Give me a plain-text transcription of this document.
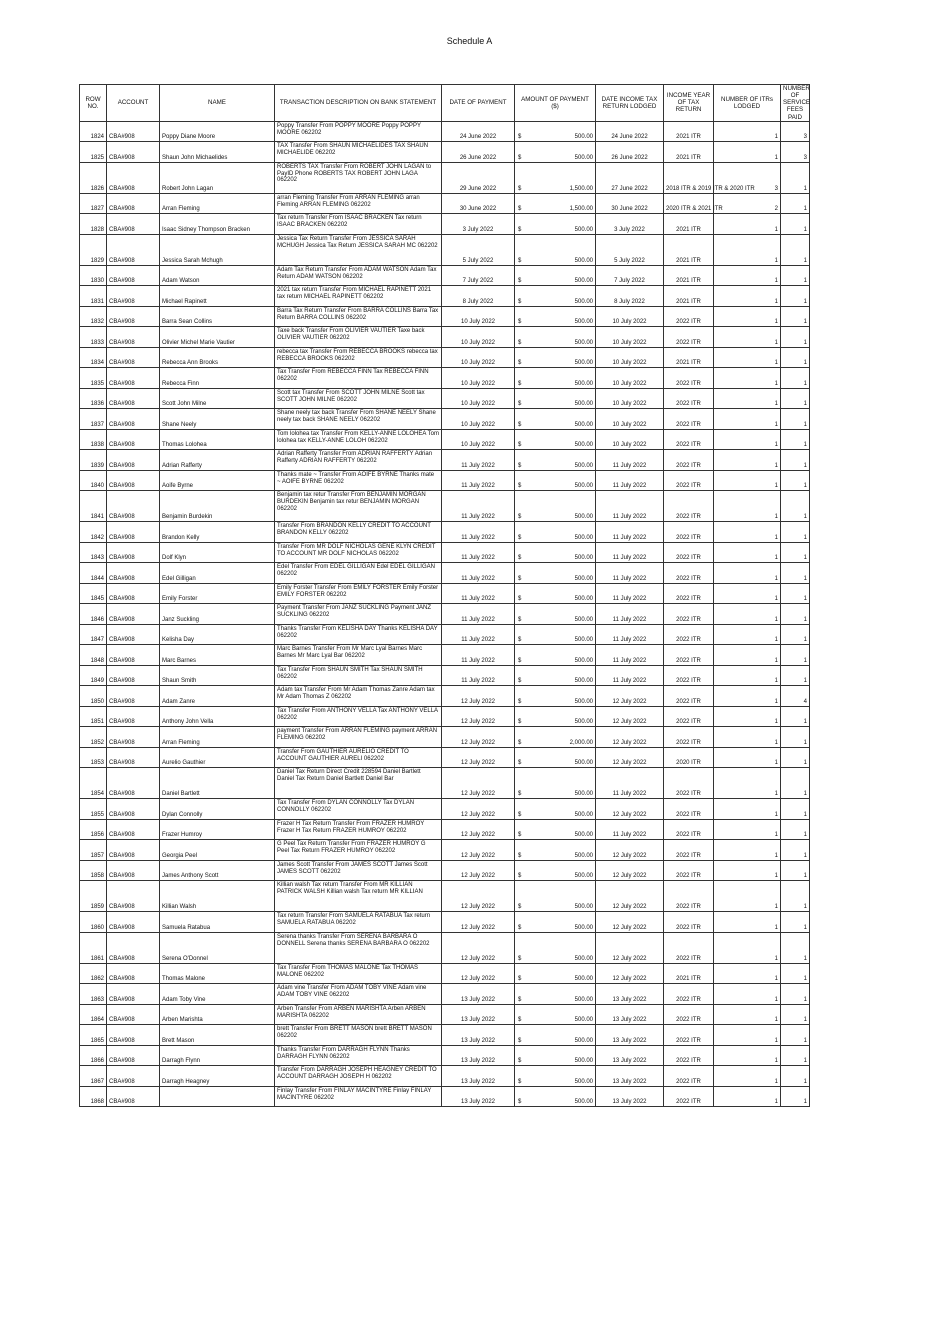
Schedule A
ROW NO.	ACCOUNT	NAME	TRANSACTION DESCRIPTION ON BANK STATEMENT	DATE OF PAYMENT	AMOUNT OF PAYMENT ($)	DATE INCOME TAX RETURN LODGED	INCOME YEAR OF TAX RETURN	NUMBER OF ITRs LODGED	NUMBER OF SERVICE FEES PAID
1824	CBA#908	Poppy Diane Moore	Poppy Transfer From POPPY MOORE Poppy POPPY MOORE 062202	24 June 2022	$ 500.00	24 June 2022	2021 ITR	1	3
1825	CBA#908	Shaun John Michaelides	TAX Transfer From SHAUN MICHAELIDES TAX SHAUN MICHAELIDE 062202	26 June 2022	$ 500.00	26 June 2022	2021 ITR	1	3
1826	CBA#908	Robert John Lagan	ROBERTS TAX Transfer From ROBERT JOHN LAGAN to PayID Phone ROBERTS TAX ROBERT JOHN LAGA 062202	29 June 2022	$ 1,500.00	27 June 2022	2018 ITR & 2019 ITR & 2020 ITR	3	1
1827	CBA#908	Arran Fleming	arran Fleming Transfer From ARRAN FLEMING arran Fleming ARRAN FLEMING 062202	30 June 2022	$ 1,500.00	30 June 2022	2020 ITR & 2021 ITR	2	1
1828	CBA#908	Isaac Sidney Thompson Bracken	Tax return Transfer From ISAAC BRACKEN Tax return ISAAC BRACKEN 062202	3 July 2022	$ 500.00	3 July 2022	2021 ITR	1	1
1829	CBA#908	Jessica Sarah Mchugh	Jessica Tax Return Transfer From JESSICA SARAH MCHUGH Jessica Tax Return JESSICA SARAH MC 062202	5 July 2022	$ 500.00	5 July 2022	2021 ITR	1	1
1830	CBA#908	Adam Watson	Adam Tax Return Transfer From ADAM WATSON Adam Tax Return ADAM WATSON 062202	7 July 2022	$ 500.00	7 July 2022	2021 ITR	1	1
1831	CBA#908	Michael Rapinett	2021 tax return Transfer From MICHAEL RAPINETT 2021 tax return MICHAEL RAPINETT 062202	8 July 2022	$ 500.00	8 July 2022	2021 ITR	1	1
1832	CBA#908	Barra Sean Collins	Barra Tax Return Transfer From BARRA COLLINS Barra Tax Return BARRA COLLINS 062202	10 July 2022	$ 500.00	10 July 2022	2022 ITR	1	1
1833	CBA#908	Olivier Michel Marie Vautier	Taxe back Transfer From OLIVIER VAUTIER Taxe back OLIVIER VAUTIER 062202	10 July 2022	$ 500.00	10 July 2022	2022 ITR	1	1
1834	CBA#908	Rebecca Ann Brooks	rebecca tax Transfer From REBECCA BROOKS rebecca tax REBECCA BROOKS 062202	10 July 2022	$ 500.00	10 July 2022	2021 ITR	1	1
1835	CBA#908	Rebecca Finn	Tax Transfer From REBECCA FINN Tax REBECCA FINN 062202	10 July 2022	$ 500.00	10 July 2022	2022 ITR	1	1
1836	CBA#908	Scott John Milne	Scott tax Transfer From SCOTT JOHN MILNE Scott tax SCOTT JOHN MILNE 062202	10 July 2022	$ 500.00	10 July 2022	2022 ITR	1	1
1837	CBA#908	Shane Neely	Shane neely tax back Transfer From SHANE NEELY Shane neely tax back SHANE NEELY 062202	10 July 2022	$ 500.00	10 July 2022	2022 ITR	1	1
1838	CBA#908	Thomas Lolohea	Tom lolohea tax Transfer From KELLY-ANNE LOLOHEA Tom lolohea tax KELLY-ANNE LOLOH 062202	10 July 2022	$ 500.00	10 July 2022	2022 ITR	1	1
1839	CBA#908	Adrian Rafferty	Adrian Rafferty Transfer From ADRIAN RAFFERTY Adrian Rafferty ADRIAN RAFFERTY 062202	11 July 2022	$ 500.00	11 July 2022	2022 ITR	1	1
1840	CBA#908	Aoife Byrne	Thanks mate ~ Transfer From AOIFE BYRNE Thanks mate ~ AOIFE BYRNE 062202	11 July 2022	$ 500.00	11 July 2022	2022 ITR	1	1
1841	CBA#908	Benjamin Burdekin	Benjamin tax retur Transfer From BENJAMIN MORGAN BURDEKIN Benjamin tax retur BENJAMIN MORGAN 062202	11 July 2022	$ 500.00	11 July 2022	2022 ITR	1	1
1842	CBA#908	Brandon Kelly	Transfer From BRANDON KELLY CREDIT TO ACCOUNT BRANDON KELLY 062202	11 July 2022	$ 500.00	11 July 2022	2022 ITR	1	1
1843	CBA#908	Dolf Klyn	Transfer From MR DOLF NICHOLAS GENE KLYN CREDIT TO ACCOUNT MR DOLF NICHOLAS 062202	11 July 2022	$ 500.00	11 July 2022	2022 ITR	1	1
1844	CBA#908	Edel Gilligan	Edel Transfer From EDEL GILLIGAN Edel EDEL GILLIGAN 062202	11 July 2022	$ 500.00	11 July 2022	2022 ITR	1	1
1845	CBA#908	Emily Forster	Emily Forster Transfer From EMILY FORSTER Emily Forster EMILY FORSTER 062202	11 July 2022	$ 500.00	11 July 2022	2022 ITR	1	1
1846	CBA#908	Janz Suckling	Payment Transfer From JANZ SUCKLING Payment JANZ SUCKLING 062202	11 July 2022	$ 500.00	11 July 2022	2022 ITR	1	1
1847	CBA#908	Kelisha Day	Thanks Transfer From KELISHA DAY Thanks KELISHA DAY 062202	11 July 2022	$ 500.00	11 July 2022	2022 ITR	1	1
1848	CBA#908	Marc Barnes	Marc Barnes Transfer From Mr Marc Lyal Barnes Marc Barnes Mr Marc Lyal Bar 062202	11 July 2022	$ 500.00	11 July 2022	2022 ITR	1	1
1849	CBA#908	Shaun Smith	Tax Transfer From SHAUN SMITH Tax SHAUN SMITH 062202	11 July 2022	$ 500.00	11 July 2022	2022 ITR	1	1
1850	CBA#908	Adam Zanre	Adam tax Transfer From Mr Adam Thomas Zanre Adam tax Mr Adam Thomas Z 062202	12 July 2022	$ 500.00	12 July 2022	2022 ITR	1	4
1851	CBA#908	Anthony John Vella	Tax Transfer From ANTHONY VELLA Tax ANTHONY VELLA 062202	12 July 2022	$ 500.00	12 July 2022	2022 ITR	1	1
1852	CBA#908	Arran Fleming	payment Transfer From ARRAN FLEMING payment ARRAN FLEMING 062202	12 July 2022	$ 2,000.00	12 July 2022	2022 ITR	1	1
1853	CBA#908	Aurelio Gauthier	Transfer From GAUTHIER AURELIO CREDIT TO ACCOUNT GAUTHIER AURELI 062202	12 July 2022	$ 500.00	12 July 2022	2020 ITR	1	1
1854	CBA#908	Daniel Bartlett	Daniel Tax Return Direct Credit 228594 Daniel Bartlett Daniel Tax Return Daniel Bartlett Daniel Bar	12 July 2022	$ 500.00	11 July 2022	2022 ITR	1	1
1855	CBA#908	Dylan Connolly	Tax Transfer From DYLAN CONNOLLY Tax DYLAN CONNOLLY 062202	12 July 2022	$ 500.00	12 July 2022	2022 ITR	1	1
1856	CBA#908	Frazer Humroy	Frazer H Tax Return Transfer From FRAZER HUMROY Frazer H Tax Return FRAZER HUMROY 062202	12 July 2022	$ 500.00	11 July 2022	2022 ITR	1	1
1857	CBA#908	Georgia Peel	G Peel Tax Return Transfer From FRAZER HUMROY G Peel Tax Return FRAZER HUMROY 062202	12 July 2022	$ 500.00	12 July 2022	2022 ITR	1	1
1858	CBA#908	James Anthony Scott	James Scott Transfer From JAMES SCOTT James Scott JAMES SCOTT 062202	12 July 2022	$ 500.00	12 July 2022	2022 ITR	1	1
1859	CBA#908	Killian Walsh	Killian walsh Tax return Transfer From MR KILLIAN PATRICK WALSH Killian walsh Tax return MR KILLIAN	12 July 2022	$ 500.00	12 July 2022	2022 ITR	1	1
1860	CBA#908	Samuela Ratabua	Tax return Transfer From SAMUELA RATABUA Tax return SAMUELA RATABUA 062202	12 July 2022	$ 500.00	12 July 2022	2022 ITR	1	1
1861	CBA#908	Serena O'Donnel	Serena thanks Transfer From SERENA BARBARA O DONNELL Serena thanks SERENA BARBARA O 062202	12 July 2022	$ 500.00	12 July 2022	2022 ITR	1	1
1862	CBA#908	Thomas Malone	Tax Transfer From THOMAS MALONE Tax THOMAS MALONE 062202	12 July 2022	$ 500.00	12 July 2022	2021 ITR	1	1
1863	CBA#908	Adam Toby Vine	Adam vine Transfer From ADAM TOBY VINE Adam vine ADAM TOBY VINE 062202	13 July 2022	$ 500.00	13 July 2022	2022 ITR	1	1
1864	CBA#908	Arben Marishta	Arben Transfer From ARBEN MARISHTA Arben ARBEN MARISHTA 062202	13 July 2022	$ 500.00	13 July 2022	2022 ITR	1	1
1865	CBA#908	Brett Mason	brett Transfer From BRETT MASON brett BRETT MASON 062202	13 July 2022	$ 500.00	13 July 2022	2022 ITR	1	1
1866	CBA#908	Darragh Flynn	Thanks Transfer From DARRAGH FLYNN Thanks DARRAGH FLYNN 062202	13 July 2022	$ 500.00	13 July 2022	2022 ITR	1	1
1867	CBA#908	Darragh Heagney	Transfer From DARRAGH JOSEPH HEAGNEY CREDIT TO ACCOUNT DARRAGH JOSEPH H 062202	13 July 2022	$ 500.00	13 July 2022	2022 ITR	1	1
1868	CBA#908		Finlay Transfer From FINLAY MACINTYRE Finlay FINLAY MACINTYRE 062202	13 July 2022	$ 500.00	13 July 2022	2022 ITR	1	1
